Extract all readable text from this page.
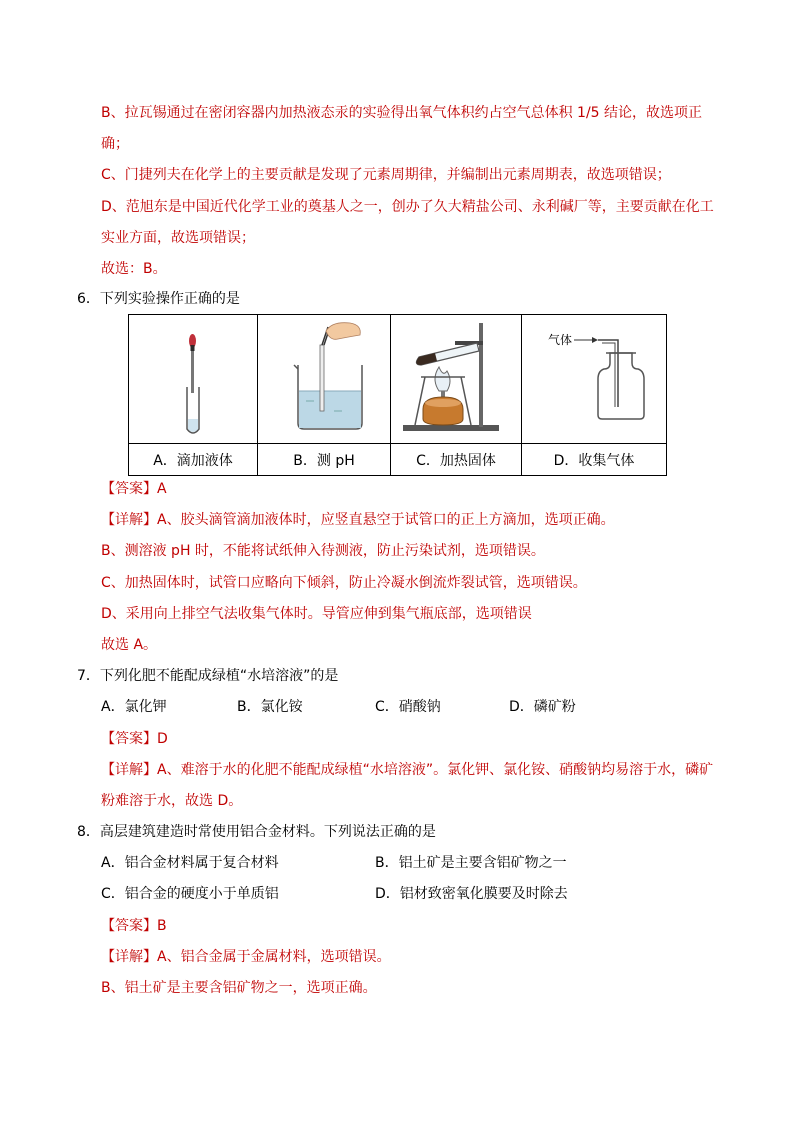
B、拉瓦锡通过在密闭容器内加热液态汞的实验得出氧气体积约占空气总体积 1/5 结论，故选项正
确；
C、门捷列夫在化学上的主要贡献是发现了元素周期律，并编制出元素周期表，故选项错误；
D、范旭东是中国近代化学工业的奠基人之一，创办了久大精盐公司、永利碱厂等，主要贡献在化工
实业方面，故选项错误；
故选：B。
6．下列实验操作正确的是

气体

A．滴加液体	B．测 pH	C．加热固体	D．收集气体
【答案】A
【详解】A、胶头滴管滴加液体时，应竖直悬空于试管口的正上方滴加，选项正确。
B、测溶液 pH 时，不能将试纸伸入待测液，防止污染试剂，选项错误。
C、加热固体时，试管口应略向下倾斜，防止冷凝水倒流炸裂试管，选项错误。
D、采用向上排空气法收集气体时。导管应伸到集气瓶底部，选项错误
故选 A。
7．下列化肥不能配成绿植“水培溶液”的是
A．氯化钾	B．氯化铵	C．硝酸钠	D．磷矿粉
【答案】D
【详解】A、难溶于水的化肥不能配成绿植“水培溶液”。氯化钾、氯化铵、硝酸钠均易溶于水，磷矿
粉难溶于水，故选 D。
8．高层建筑建造时常使用铝合金材料。下列说法正确的是
A．铝合金材料属于复合材料	B．铝土矿是主要含铝矿物之一
C．铝合金的硬度小于单质铝	D．铝材致密氧化膜要及时除去
【答案】B
【详解】A、铝合金属于金属材料，选项错误。
B、铝土矿是主要含铝矿物之一，选项正确。
